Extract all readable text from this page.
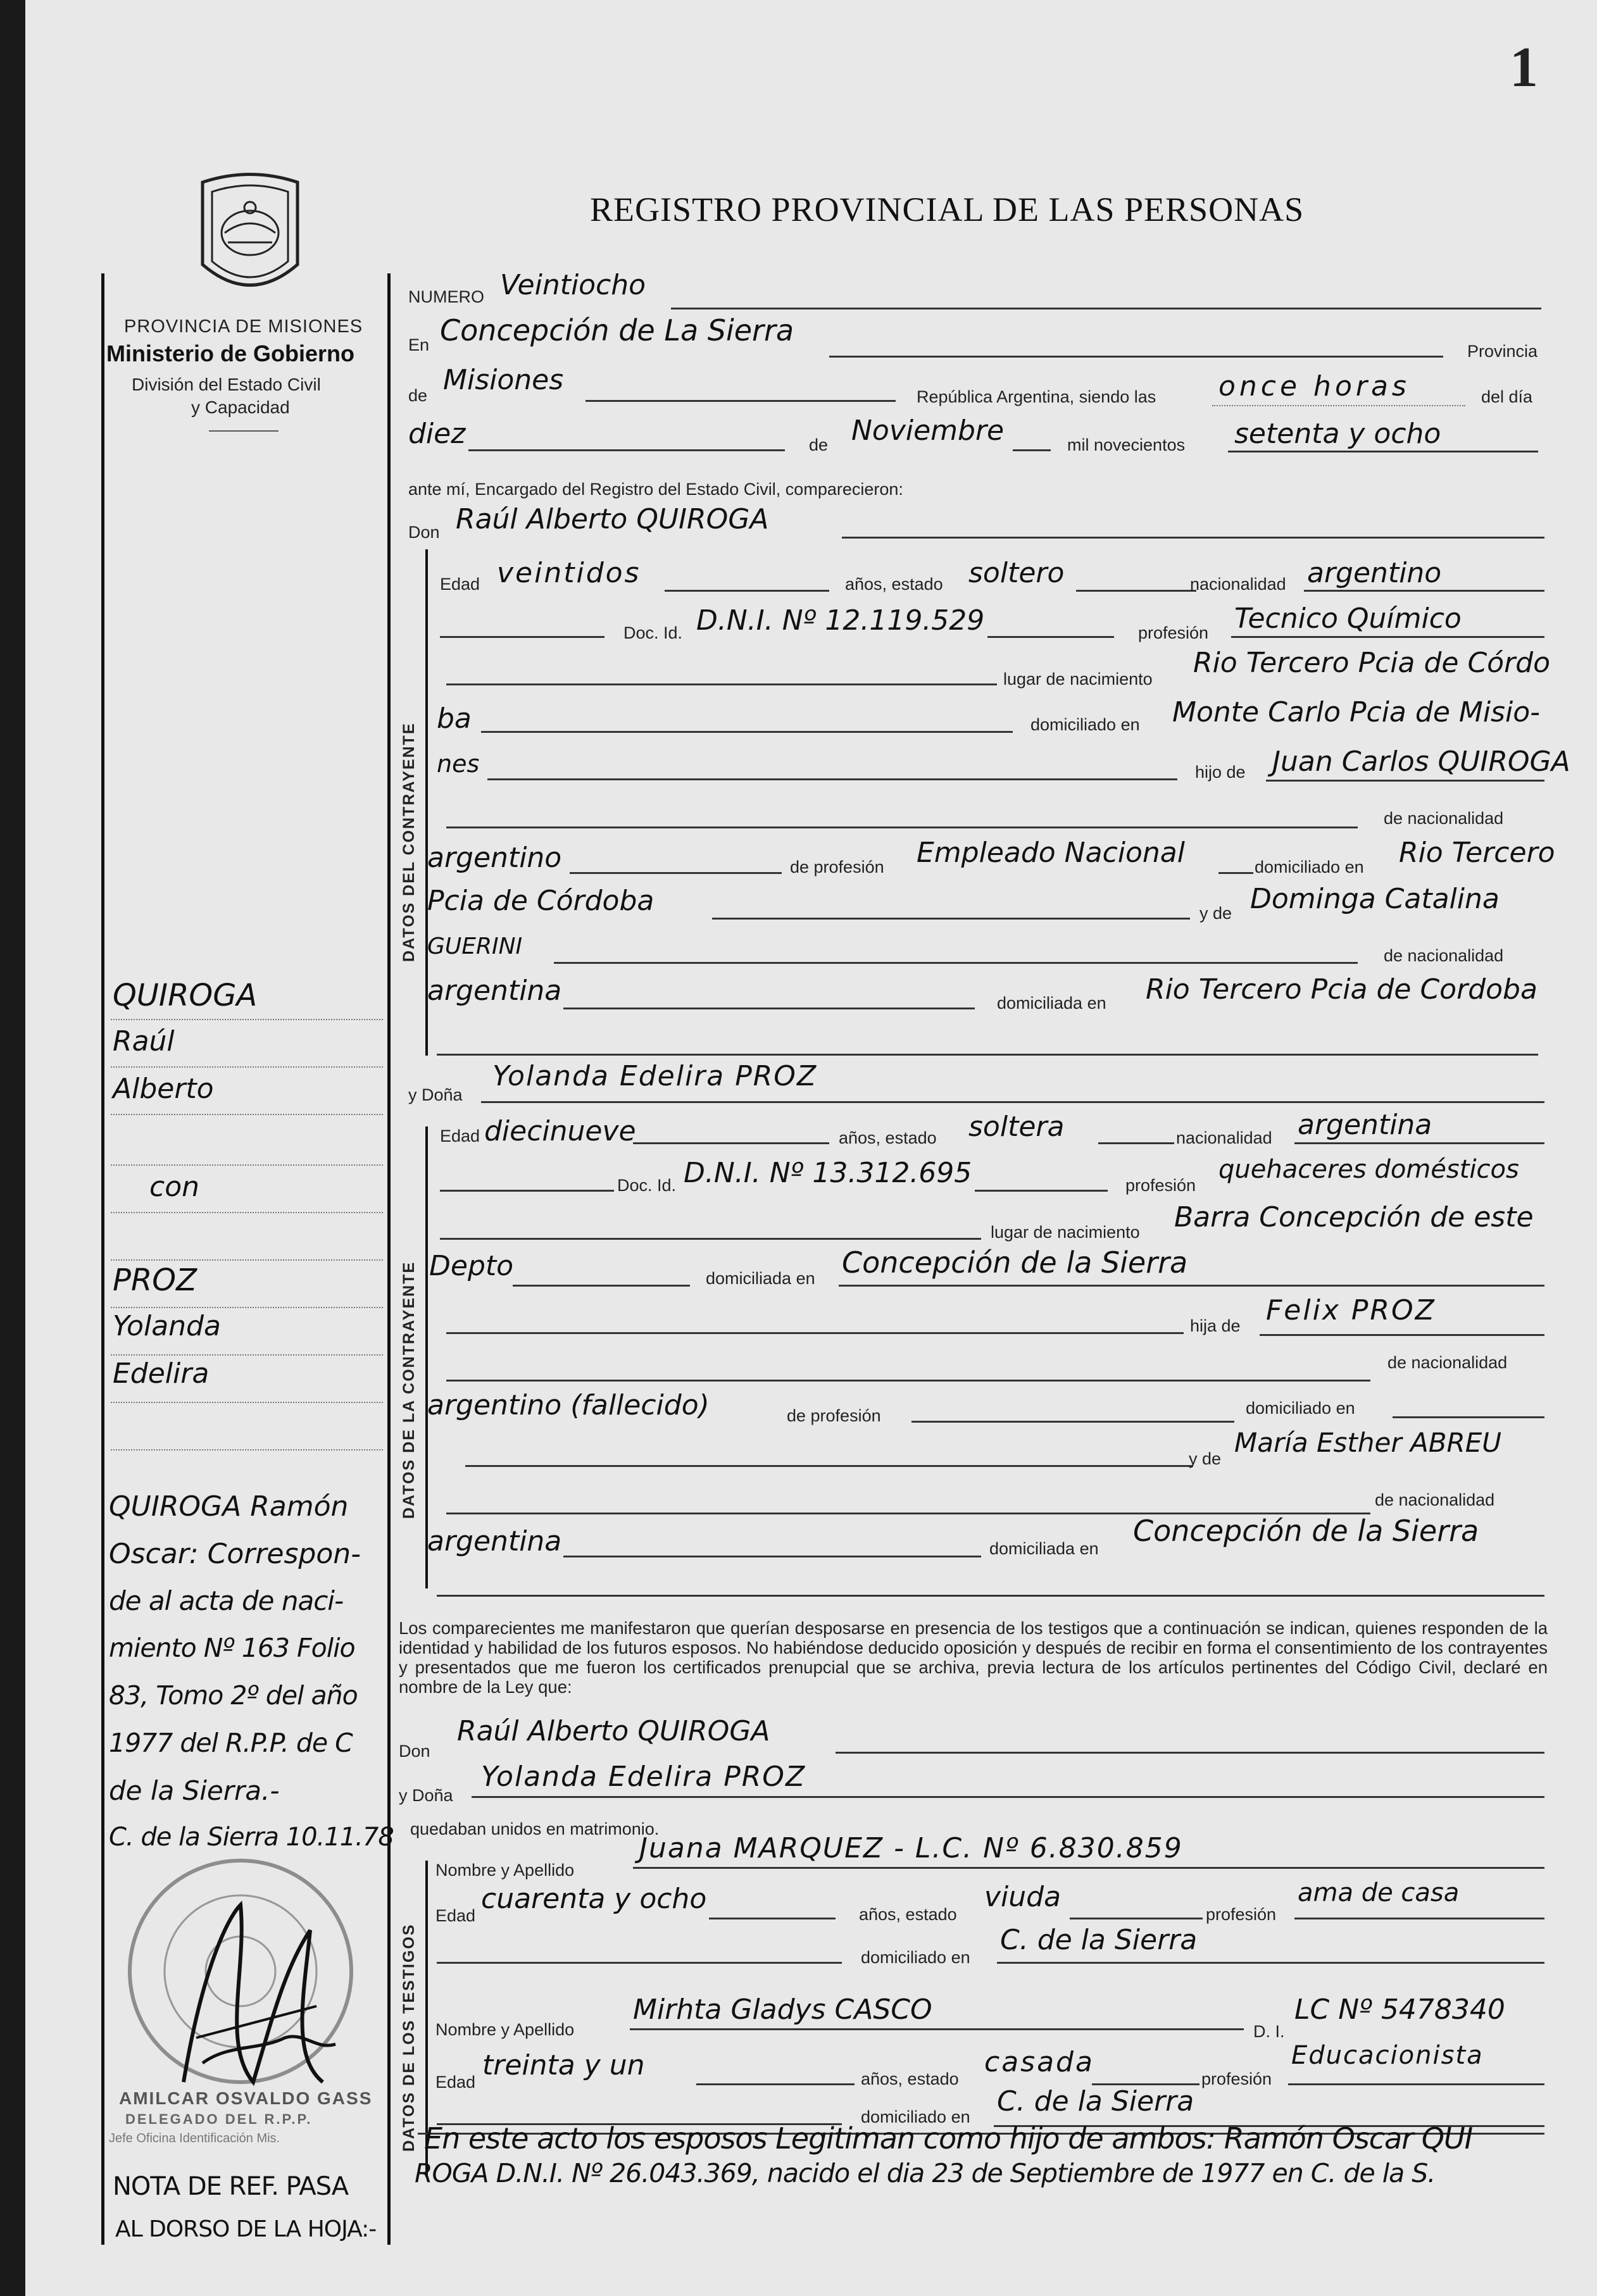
1
REGISTRO PROVINCIAL DE LAS PERSONAS
PROVINCIA DE MISIONES
Ministerio de Gobierno
División del Estado Civil
y Capacidad
DATOS DEL CONTRAYENTE
DATOS DE LA CONTRAYENTE
DATOS DE LOS TESTIGOS
NUMERO Veintiocho
En Concepción de La Sierra
Provincia
de Misiones
República Argentina, siendo las once horas	del día
diez	de Noviembre	mil novecientos setenta y ocho
ante mí, Encargado del Registro del Estado Civil, comparecieron:
Don Raúl Alberto QUIROGA
Edad veintidos	años, estado soltero	nacionalidad argentino
Doc. Id. D.N.I. Nº 12.119.529	profesión Tecnico Químico
lugar de nacimiento Rio Tercero Pcia de Córdo
ba	domiciliado en Monte Carlo Pcia de Misio-
nes	hijo de Juan Carlos QUIROGA
de nacionalidad
argentino	de profesión Empleado Nacional	domiciliado en Rio Tercero
Pcia de Córdoba	y de Dominga Catalina
GUERINI	de nacionalidad
argentina	domiciliada en Rio Tercero Pcia de Cordoba
y Doña
Yolanda Edelira PROZ
Edad diecinueve	años, estado soltera	nacionalidad argentina
Doc. Id. D.N.I. Nº 13.312.695	profesión
quehaceres domésticos
lugar de nacimiento Barra Concepción de este
Depto	domiciliada en Concepción de la Sierra
hija de Felix PROZ
de nacionalidad
argentino (fallecido)	de profesión	domiciliado en
y de
María Esther ABREU
de nacionalidad
argentina	domiciliada en
Concepción de la Sierra
Los comparecientes me manifestaron que querían desposarse en presencia de los testigos que a continuación se indican, quienes responden de la identidad y habilidad de los futuros esposos. No habiéndose deducido oposición y después de recibir en forma el consentimiento de los contrayentes y presentados que me fueron los certificados prenupcial que se archiva, previa lectura de los artículos pertinentes del Código Civil, declaré en nombre de la Ley que:
Don
Raúl Alberto QUIROGA
y Doña
Yolanda Edelira PROZ
quedaban unidos en matrimonio.
Nombre y Apellido
Juana MARQUEZ - L.C. Nº 6.830.859
Edad
cuarenta y ocho	años, estado
viuda
profesión
ama de casa
domiciliado en
C. de la Sierra
Nombre y Apellido
Mirhta Gladys CASCO
D. I.
LC Nº 5478340
Edad
treinta y un	años, estado
casada
profesión
Educacionista
domiciliado en C. de la Sierra
En este acto los esposos Legitiman como hijo de ambos: Ramón Oscar QUI
ROGA D.N.I. Nº 26.043.369, nacido el dia 23 de Septiembre de 1977 en C. de la S.
QUIROGA
Raúl
Alberto
con
PROZ
Yolanda
Edelira
QUIROGA Ramón
Oscar: Correspon-
de al acta de naci-
miento Nº 163 Folio
83, Tomo 2º del año
1977 del R.P.P. de C
de la Sierra.-
C. de la Sierra 10.11.78
AMILCAR OSVALDO GASS
DELEGADO DEL R.P.P.
Jefe Oficina Identificación Mis.
NOTA DE REF. PASA
AL DORSO DE LA HOJA:-
